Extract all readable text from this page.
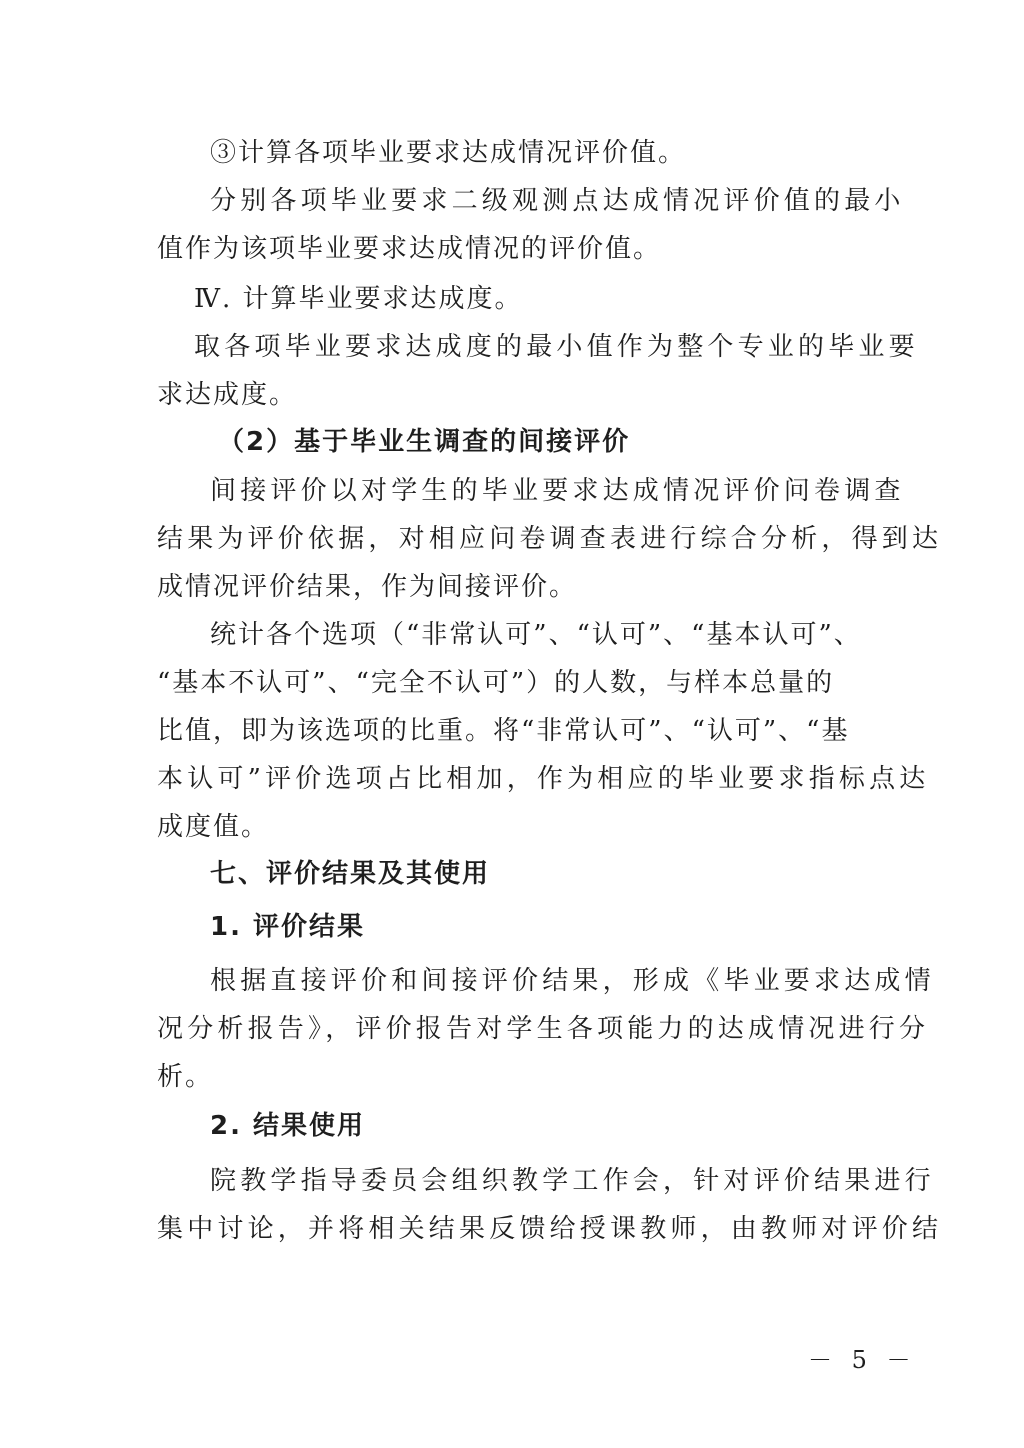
③计算各项毕业要求达成情况评价值。
分别各项毕业要求二级观测点达成情况评价值的最小
值作为该项毕业要求达成情况的评价值。
Ⅳ. 计算毕业要求达成度。
取各项毕业要求达成度的最小值作为整个专业的毕业要
求达成度。
（2）基于毕业生调查的间接评价
间接评价以对学生的毕业要求达成情况评价问卷调查
结果为评价依据，对相应问卷调查表进行综合分析，得到达
成情况评价结果，作为间接评价。
统计各个选项（“非常认可”、“认可”、“基本认可”、
“基本不认可”、“完全不认可”）的人数，与样本总量的
比值，即为该选项的比重。将“非常认可”、“认可”、“基
本认可”评价选项占比相加，作为相应的毕业要求指标点达
成度值。
七、评价结果及其使用
1. 评价结果
根据直接评价和间接评价结果，形成《毕业要求达成情
况分析报告》，评价报告对学生各项能力的达成情况进行分
析。
2. 结果使用
院教学指导委员会组织教学工作会，针对评价结果进行
集中讨论，并将相关结果反馈给授课教师，由教师对评价结
－ 5 －
